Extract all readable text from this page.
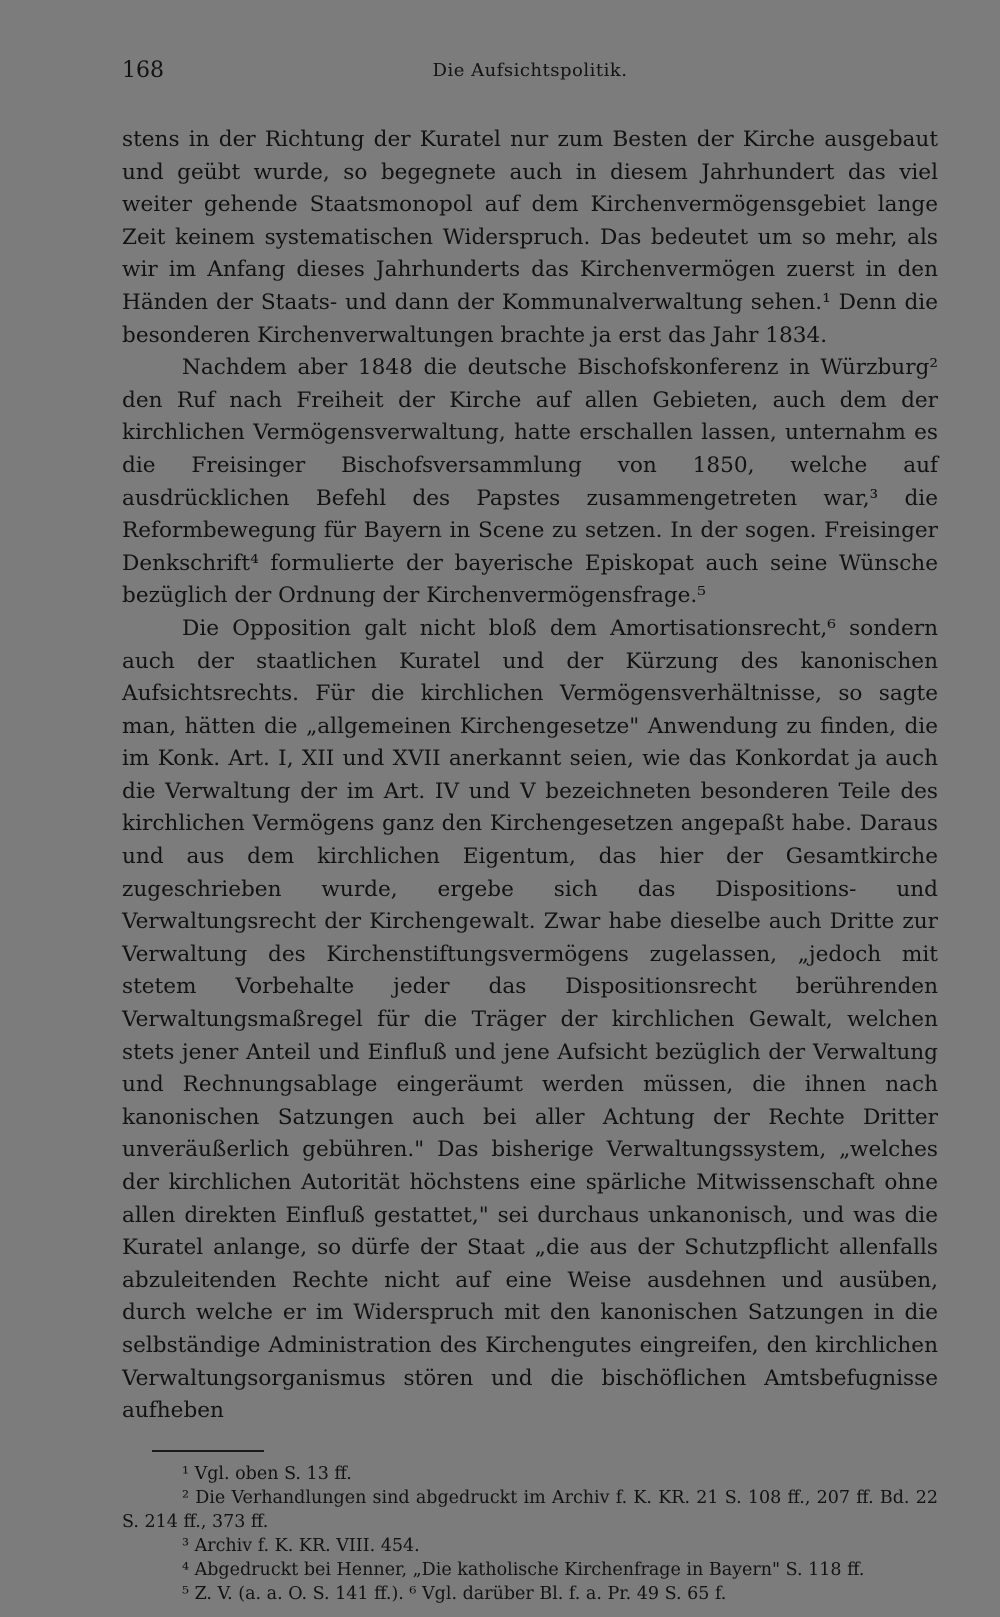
168	Die Aufsichtspolitik.

stens in der Richtung der Kuratel nur zum Besten der Kirche ausgebaut und geübt wurde, so begegnete auch in diesem Jahrhundert das viel weiter gehende Staatsmonopol auf dem Kirchenvermögensgebiet lange Zeit keinem systematischen Widerspruch. Das bedeutet um so mehr, als wir im Anfang dieses Jahrhunderts das Kirchenvermögen zuerst in den Händen der Staats- und dann der Kommunalverwaltung sehen.¹ Denn die besonderen Kirchenverwaltungen brachte ja erst das Jahr 1834.

Nachdem aber 1848 die deutsche Bischofskonferenz in Würzburg² den Ruf nach Freiheit der Kirche auf allen Gebieten, auch dem der kirchlichen Vermögensverwaltung, hatte erschallen lassen, unternahm es die Freisinger Bischofsversammlung von 1850, welche auf ausdrücklichen Befehl des Papstes zusammengetreten war,³ die Reformbewegung für Bayern in Scene zu setzen. In der sogen. Freisinger Denkschrift⁴ formulierte der bayerische Episkopat auch seine Wünsche bezüglich der Ordnung der Kirchenvermögensfrage.⁵

Die Opposition galt nicht bloß dem Amortisationsrecht,⁶ sondern auch der staatlichen Kuratel und der Kürzung des kanonischen Aufsichtsrechts. Für die kirchlichen Vermögensverhältnisse, so sagte man, hätten die „allgemeinen Kirchengesetze" Anwendung zu finden, die im Konk. Art. I, XII und XVII anerkannt seien, wie das Konkordat ja auch die Verwaltung der im Art. IV und V bezeichneten besonderen Teile des kirchlichen Vermögens ganz den Kirchengesetzen angepaßt habe. Daraus und aus dem kirchlichen Eigentum, das hier der Gesamtkirche zugeschrieben wurde, ergebe sich das Dispositions- und Verwaltungsrecht der Kirchengewalt. Zwar habe dieselbe auch Dritte zur Verwaltung des Kirchenstiftungsvermögens zugelassen, „jedoch mit stetem Vorbehalte jeder das Dispositionsrecht berührenden Verwaltungsmaßregel für die Träger der kirchlichen Gewalt, welchen stets jener Anteil und Einfluß und jene Aufsicht bezüglich der Verwaltung und Rechnungsablage eingeräumt werden müssen, die ihnen nach kanonischen Satzungen auch bei aller Achtung der Rechte Dritter unveräußerlich gebühren." Das bisherige Verwaltungssystem, „welches der kirchlichen Autorität höchstens eine spärliche Mitwissenschaft ohne allen direkten Einfluß gestattet," sei durchaus unkanonisch, und was die Kuratel anlange, so dürfe der Staat „die aus der Schutzpflicht allenfalls abzuleitenden Rechte nicht auf eine Weise ausdehnen und ausüben, durch welche er im Widerspruch mit den kanonischen Satzungen in die selbständige Administration des Kirchengutes eingreifen, den kirchlichen Verwaltungsorganismus stören und die bischöflichen Amtsbefugnisse aufheben

¹ Vgl. oben S. 13 ff.

² Die Verhandlungen sind abgedruckt im Archiv f. K. KR. 21 S. 108 ff., 207 ff. Bd. 22 S. 214 ff., 373 ff.

³ Archiv f. K. KR. VIII. 454.

⁴ Abgedruckt bei Henner, „Die katholische Kirchenfrage in Bayern" S. 118 ff.

⁵ Z. V. (a. a. O. S. 141 ff.). ⁶ Vgl. darüber Bl. f. a. Pr. 49 S. 65 f.
